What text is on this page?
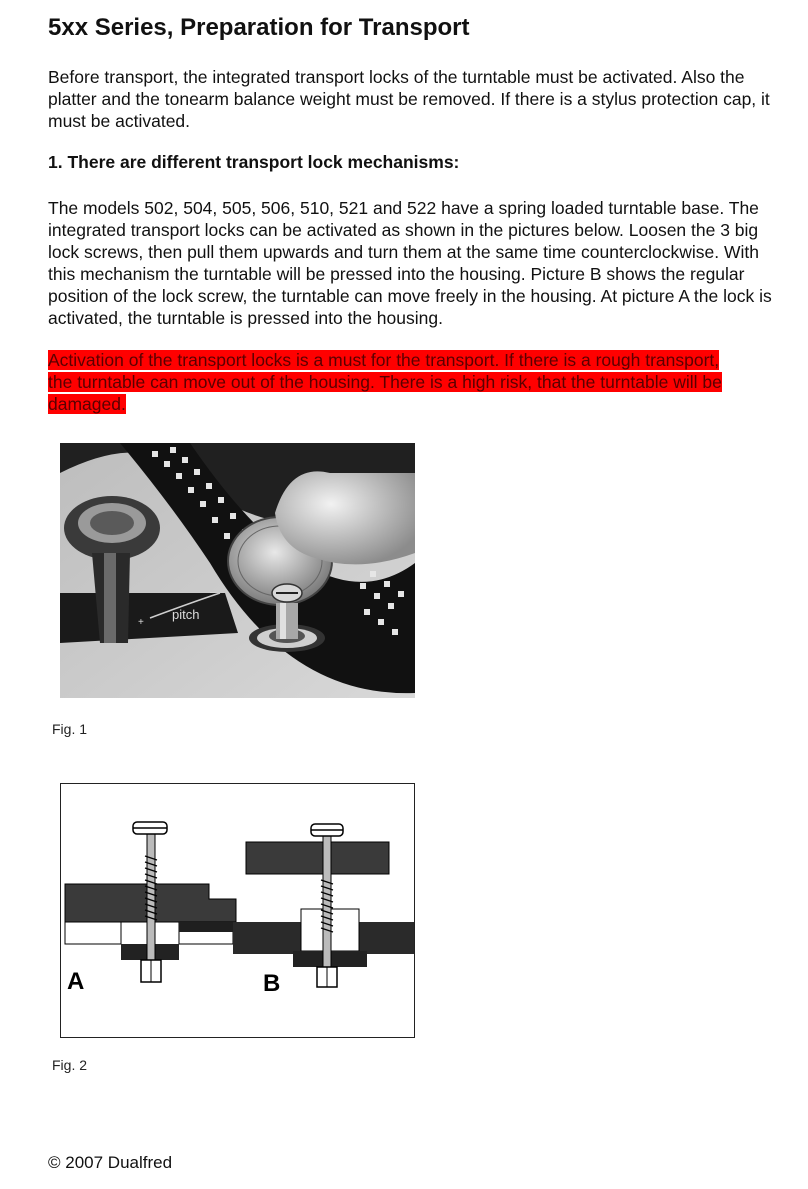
5xx Series, Preparation for Transport

Before transport, the integrated transport locks of the turntable must be activated. Also the platter and the tonearm balance weight must be removed. If there is a stylus protection cap, it must be activated.

1. There are different transport lock mechanisms:

The models 502, 504, 505, 506, 510, 521 and 522 have a spring loaded turntable base. The integrated transport locks can be activated as shown in the pictures below. Loosen the 3 big lock screws, then pull them upwards and turn them at the same time counterclockwise. With this mechanism the turntable will be pressed into the housing. Picture B shows the regular position of the lock screw, the turntable can move freely in the housing. At picture A the lock is activated, the turntable is pressed into the housing.

Activation of the transport locks is a must for the transport. If there is a rough transport, the turntable can move out of the housing. There is a high risk, that the turntable will be damaged.

pitch
+
–
Fig. 1
A	B
Fig. 2
© 2007 Dualfred
